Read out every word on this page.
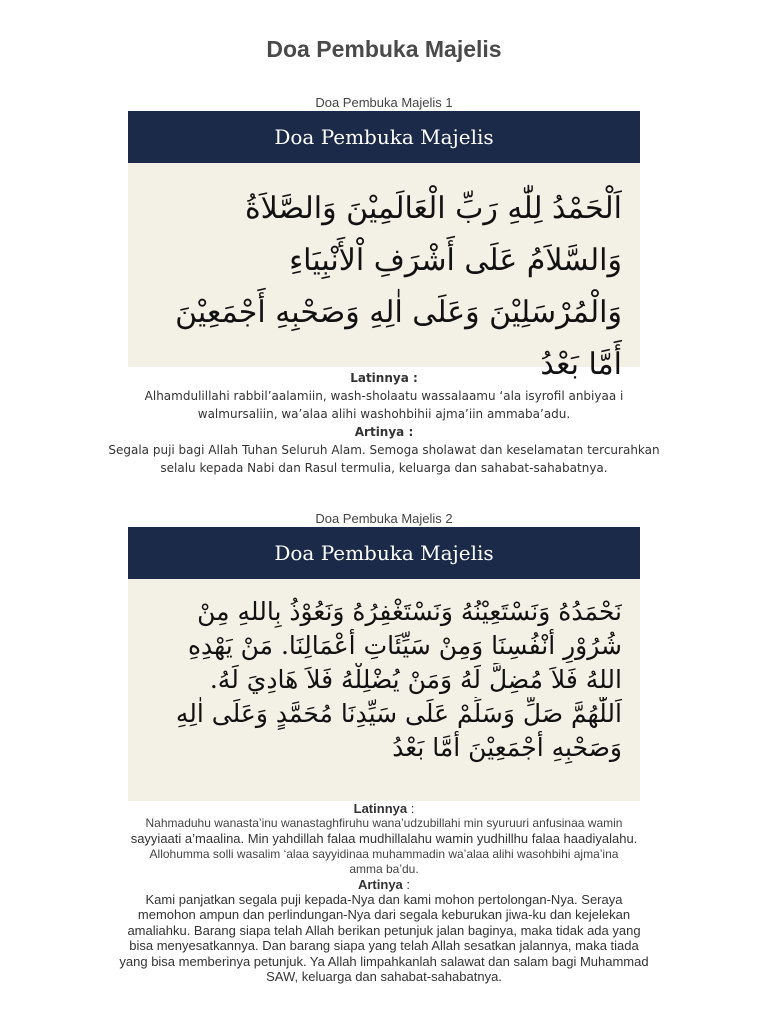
Doa Pembuka Majelis
Doa Pembuka Majelis 1
Doa Pembuka Majelis
اَلْحَمْدُ لِلّٰهِ رَبِّ الْعَالَمِيْنَ وَالصَّلاَةُ
وَالسَّلاَمُ عَلَى أَشْرَفِ اْلأَنْبِيَاءِ
وَالْمُرْسَلِيْنَ وَعَلَى اٰلِهِ وَصَحْبِهِ أَجْمَعِيْنَ
أَمَّا بَعْدُ
Latinnya :
Alhamdulillahi rabbil’aalamiin, wash-sholaatu wassalaamu ‘ala isyrofil anbiyaa i
walmursaliin, wa’alaa alihi washohbihii ajma’iin ammaba’adu.
Artinya :
Segala puji bagi Allah Tuhan Seluruh Alam. Semoga sholawat dan keselamatan tercurahkan
selalu kepada Nabi dan Rasul termulia, keluarga dan sahabat-sahabatnya.
Doa Pembuka Majelis 2
Doa Pembuka Majelis
نَحْمَدُهُ وَنَسْتَعِيْنُهُ وَنَسْتَغْفِرُهُ وَنَعُوْذُ بِاللهِ مِنْ
شُرُوْرِ أَنْفُسِنَا وَمِنْ سَيِّئَاتِ أَعْمَالِنَا. مَنْ يَهْدِهِ
اللهُ فَلاَ مُضِلَّ لَهُ وَمَنْ يُضْلِلْهُ فَلاَ هَادِيَ لَهُ.
اَللّٰهُمَّ صَلِّ وَسَلِّمْ عَلَى سَيِّدِنَا مُحَمَّدٍ وَعَلَى اٰلِهِ
وَصَحْبِهِ أَجْمَعِيْنَ أَمَّا بَعْدُ
Latinnya :
Nahmaduhu wanasta’inu wanastaghfiruhu wana’udzubillahi min syuruuri anfusinaa wamin
sayyiaati a’maalina. Min yahdillah falaa mudhillalahu wamin yudhillhu falaa haadiyalahu.
Allohumma solli wasalim ‘alaa sayyidinaa muhammadin wa’alaa alihi wasohbihi ajma’ina
amma ba’du.
Artinya :
Kami panjatkan segala puji kepada-Nya dan kami mohon pertolongan-Nya. Seraya
memohon ampun dan perlindungan-Nya dari segala keburukan jiwa-ku dan kejelekan
amaliahku. Barang siapa telah Allah berikan petunjuk jalan baginya, maka tidak ada yang
bisa menyesatkannya. Dan barang siapa yang telah Allah sesatkan jalannya, maka tiada
yang bisa memberinya petunjuk. Ya Allah limpahkanlah salawat dan salam bagi Muhammad
SAW, keluarga dan sahabat-sahabatnya.
